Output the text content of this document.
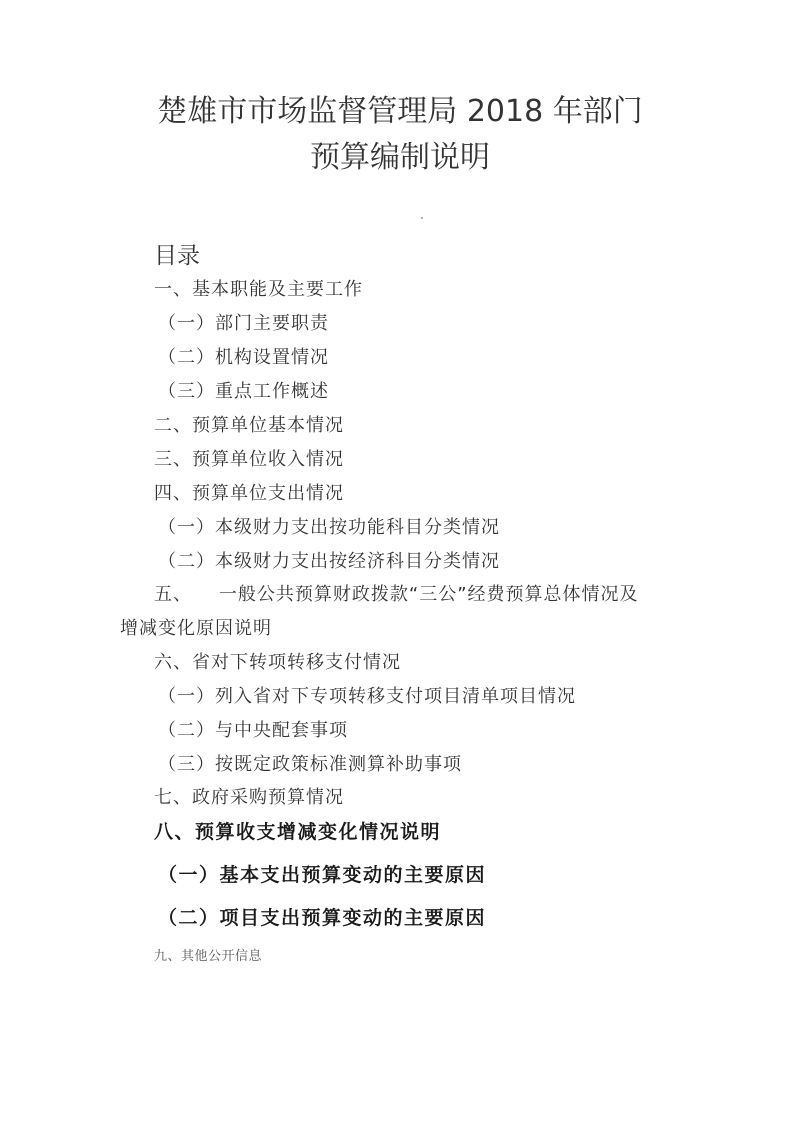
楚雄市市场监督管理局 2018 年部门
预算编制说明
目录
一、基本职能及主要工作
（一）部门主要职责
（二）机构设置情况
（三）重点工作概述
二、预算单位基本情况
三、预算单位收入情况
四、预算单位支出情况
（一）本级财力支出按功能科目分类情况
（二）本级财力支出按经济科目分类情况
五、    一般公共预算财政拨款“三公”经费预算总体情况及
增减变化原因说明
六、省对下转项转移支付情况
（一）列入省对下专项转移支付项目清单项目情况
（二）与中央配套事项
（三）按既定政策标准测算补助事项
七、政府采购预算情况
八、预算收支增减变化情况说明
（一）基本支出预算变动的主要原因
（二）项目支出预算变动的主要原因
九、其他公开信息
